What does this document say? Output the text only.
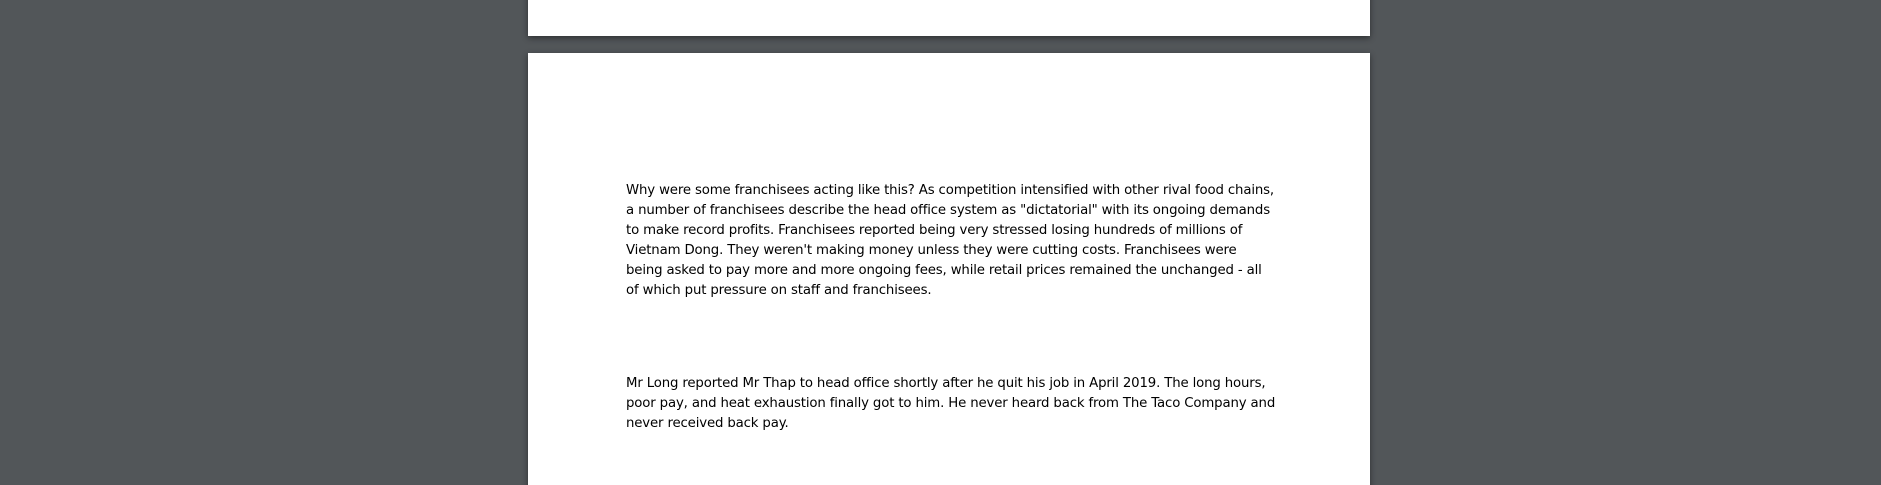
Why were some franchisees acting like this? As competition intensified with other rival food chains, a number of franchisees describe the head office system as "dictatorial" with its ongoing demands to make record profits. Franchisees reported being very stressed losing hundreds of millions of Vietnam Dong. They weren't making money unless they were cutting costs. Franchisees were being asked to pay more and more ongoing fees, while retail prices remained the unchanged - all of which put pressure on staff and franchisees.

Mr Long reported Mr Thap to head office shortly after he quit his job in April 2019. The long hours, poor pay, and heat exhaustion finally got to him. He never heard back from The Taco Company and never received back pay.
